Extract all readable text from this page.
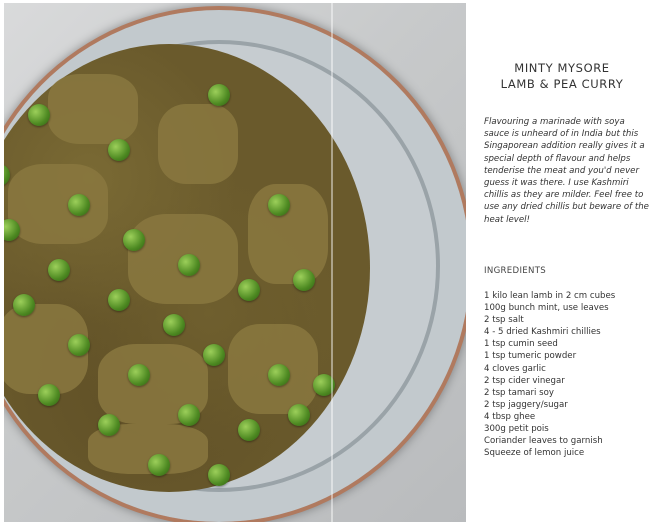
MINTY MYSORE
LAMB & PEA CURRY
Flavouring a marinade with soya sauce is unheard of in India but this Singaporean addition really gives it a special depth of flavour and helps tenderise the meat and you'd never guess it was there. I use Kashmiri chillis as they are milder. Feel free to use any dried chillis but beware of the heat level!
INGREDIENTS
1 kilo lean lamb in 2 cm cubes
100g bunch mint, use leaves
2 tsp salt
4 - 5 dried Kashmiri chillies
1 tsp cumin seed
1 tsp tumeric powder
4 cloves garlic
2 tsp cider vinegar
2 tsp tamari soy
2 tsp jaggery/sugar
4 tbsp ghee
300g petit pois
Coriander leaves to garnish
Squeeze of lemon juice
